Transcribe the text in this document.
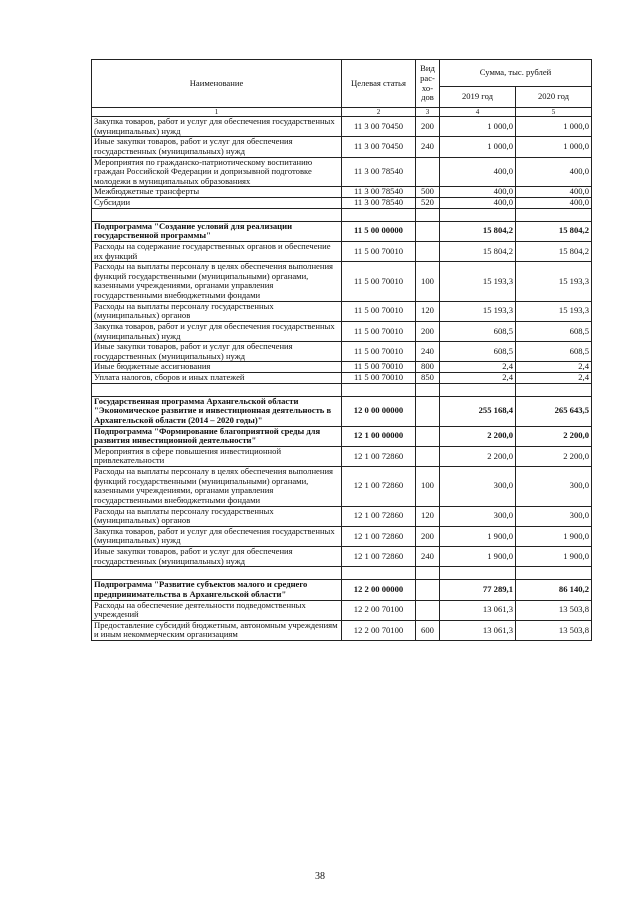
Наименование	Целевая статья	Вид рас-хо-дов	Сумма, тыс. рублей	
			2019 год	2020 год
1	2	3	4	5
Закупка товаров, работ и услуг для обеспечения государственных (муниципальных) нужд	11 3 00 70450	200	1 000,0	1 000,0
Иные закупки товаров, работ и услуг для обеспечения государственных (муниципальных) нужд	11 3 00 70450	240	1 000,0	1 000,0
Мероприятия по гражданско-патриотическому воспитанию граждан Российской Федерации и допризывной подготовке молодежи в муниципальных образованиях	11 3 00 78540		400,0	400,0
Межбюджетные трансферты	11 3 00 78540	500	400,0	400,0
Субсидии	11 3 00 78540	520	400,0	400,0

Подпрограмма "Создание условий для реализации государственной программы"	11 5 00 00000		15 804,2	15 804,2
Расходы на содержание государственных органов и обеспечение их функций	11 5 00 70010		15 804,2	15 804,2
Расходы на выплаты персоналу в целях обеспечения выполнения функций государственными (муниципальными) органами, казенными учреждениями, органами управления государственными внебюджетными фондами	11 5 00 70010	100	15 193,3	15 193,3
Расходы на выплаты персоналу государственных (муниципальных) органов	11 5 00 70010	120	15 193,3	15 193,3
Закупка товаров, работ и услуг для обеспечения государственных (муниципальных) нужд	11 5 00 70010	200	608,5	608,5
Иные закупки товаров, работ и услуг для обеспечения государственных (муниципальных) нужд	11 5 00 70010	240	608,5	608,5
Иные бюджетные ассигнования	11 5 00 70010	800	2,4	2,4
Уплата налогов, сборов и иных платежей	11 5 00 70010	850	2,4	2,4

Государственная программа Архангельской области "Экономическое развитие и инвестиционная деятельность в Архангельской области (2014 – 2020 годы)"	12 0 00 00000		255 168,4	265 643,5
Подпрограмма "Формирование благоприятной среды для развития инвестиционной деятельности"	12 1 00 00000		2 200,0	2 200,0
Мероприятия в сфере повышения инвестиционной привлекательности	12 1 00 72860		2 200,0	2 200,0
Расходы на выплаты персоналу в целях обеспечения выполнения функций государственными (муниципальными) органами, казенными учреждениями, органами управления государственными внебюджетными фондами	12 1 00 72860	100	300,0	300,0
Расходы на выплаты персоналу государственных (муниципальных) органов	12 1 00 72860	120	300,0	300,0
Закупка товаров, работ и услуг для обеспечения государственных (муниципальных) нужд	12 1 00 72860	200	1 900,0	1 900,0
Иные закупки товаров, работ и услуг для обеспечения государственных (муниципальных) нужд	12 1 00 72860	240	1 900,0	1 900,0

Подпрограмма "Развитие субъектов малого и среднего предпринимательства в Архангельской области"	12 2 00 00000		77 289,1	86 140,2
Расходы на обеспечение деятельности подведомственных учреждений	12 2 00 70100		13 061,3	13 503,8
Предоставление субсидий бюджетным, автономным учреждениям и иным некоммерческим организациям	12 2 00 70100	600	13 061,3	13 503,8
38
